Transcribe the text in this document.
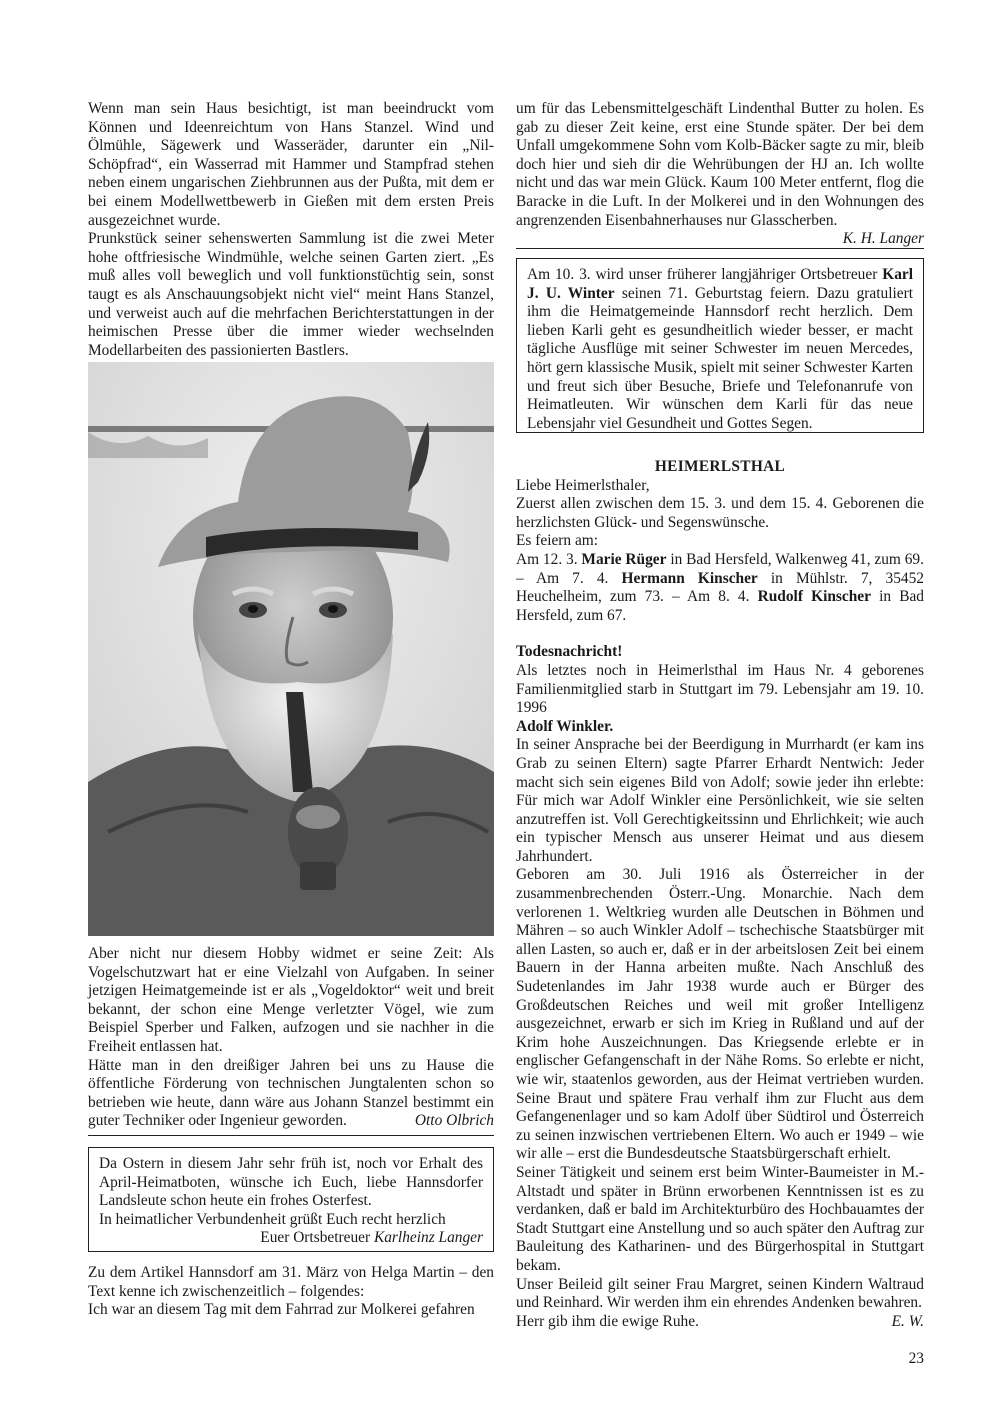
Wenn man sein Haus besichtigt, ist man beeindruckt vom Können und Ideenreichtum von Hans Stanzel. Wind und Ölmühle, Sägewerk und Wasseräder, darunter ein „Nil-Schöpfrad“, ein Wasserrad mit Hammer und Stampfrad stehen neben einem ungarischen Ziehbrunnen aus der Pußta, mit dem er bei einem Modellwettbewerb in Gießen mit dem ersten Preis ausgezeichnet wurde.

Prunkstück seiner sehenswerten Sammlung ist die zwei Meter hohe oftfriesische Windmühle, welche seinen Garten ziert. „Es muß alles voll beweglich und voll funktionstüchtig sein, sonst taugt es als Anschauungsobjekt nicht viel“ meint Hans Stanzel, und verweist auch auf die mehrfachen Berichterstattungen in der heimischen Presse über die immer wieder wechselnden Modellarbeiten des passionierten Bastlers.

Aber nicht nur diesem Hobby widmet er seine Zeit: Als Vogelschutzwart hat er eine Vielzahl von Aufgaben. In seiner jetzigen Heimatgemeinde ist er als „Vogeldoktor“ weit und breit bekannt, der schon eine Menge verletzter Vögel, wie zum Beispiel Sperber und Falken, aufzogen und sie nachher in die Freiheit entlassen hat.

Hätte man in den dreißiger Jahren bei uns zu Hause die öffentliche Förderung von technischen Jungtalenten schon so betrieben wie heute, dann wäre aus Johann Stanzel bestimmt ein guter Techniker oder Ingenieur geworden.	Otto Olbrich

Da Ostern in diesem Jahr sehr früh ist, noch vor Erhalt des April-Heimatboten, wünsche ich Euch, liebe Hannsdorfer Landsleute schon heute ein frohes Osterfest.

In heimatlicher Verbundenheit grüßt Euch recht herzlich

Euer Ortsbetreuer Karlheinz Langer

Zu dem Artikel Hannsdorf am 31. März von Helga Martin – den Text kenne ich zwischenzeitlich – folgendes:

Ich war an diesem Tag mit dem Fahrrad zur Molkerei gefahren

um für das Lebensmittelgeschäft Lindenthal Butter zu holen. Es gab zu dieser Zeit keine, erst eine Stunde später. Der bei dem Unfall umgekommene Sohn vom Kolb-Bäcker sagte zu mir, bleib doch hier und sieh dir die Wehrübungen der HJ an. Ich wollte nicht und das war mein Glück. Kaum 100 Meter entfernt, flog die Baracke in die Luft. In der Molkerei und in den Wohnungen des angrenzenden Eisenbahnerhauses nur Glasscherben.

K. H. Langer

Am 10. 3. wird unser früherer langjähriger Ortsbetreuer Karl J. U. Winter seinen 71. Geburtstag feiern. Dazu gratuliert ihm die Heimatgemeinde Hannsdorf recht herzlich. Dem lieben Karli geht es gesundheitlich wieder besser, er macht tägliche Ausflüge mit seiner Schwester im neuen Mercedes, hört gern klassische Musik, spielt mit seiner Schwester Karten und freut sich über Besuche, Briefe und Telefonanrufe von Heimatleuten. Wir wünschen dem Karli für das neue Lebensjahr viel Gesundheit und Gottes Segen.

HEIMERLSTHAL

Liebe Heimerlsthaler,

Zuerst allen zwischen dem 15. 3. und dem 15. 4. Geborenen die herzlichsten Glück- und Segenswünsche.

Es feiern am:

Am 12. 3. Marie Rüger in Bad Hersfeld, Walkenweg 41, zum 69. – Am 7. 4. Hermann Kinscher in Mühlstr. 7, 35452 Heuchelheim, zum 73. – Am 8. 4. Rudolf Kinscher in Bad Hersfeld, zum 67.

Todesnachricht!

Als letztes noch in Heimerlsthal im Haus Nr. 4 geborenes Familienmitglied starb in Stuttgart im 79. Lebensjahr am 19. 10. 1996
Adolf Winkler.

In seiner Ansprache bei der Beerdigung in Murrhardt (er kam ins Grab zu seinen Eltern) sagte Pfarrer Erhardt Nentwich: Jeder macht sich sein eigenes Bild von Adolf; sowie jeder ihn erlebte: Für mich war Adolf Winkler eine Persönlichkeit, wie sie selten anzutreffen ist. Voll Gerechtigkeitssinn und Ehrlichkeit; wie auch ein typischer Mensch aus unserer Heimat und aus diesem Jahrhundert.

Geboren am 30. Juli 1916 als Österreicher in der zusammenbrechenden Österr.-Ung. Monarchie. Nach dem verlorenen 1. Weltkrieg wurden alle Deutschen in Böhmen und Mähren – so auch Winkler Adolf – tschechische Staatsbürger mit allen Lasten, so auch er, daß er in der arbeitslosen Zeit bei einem Bauern in der Hanna arbeiten mußte. Nach Anschluß des Sudetenlandes im Jahr 1938 wurde auch er Bürger des Großdeutschen Reiches und weil mit großer Intelligenz ausgezeichnet, erwarb er sich im Krieg in Rußland und auf der Krim hohe Auszeichnungen. Das Kriegsende erlebte er in englischer Gefangenschaft in der Nähe Roms. So erlebte er nicht, wie wir, staatenlos geworden, aus der Heimat vertrieben wurden. Seine Braut und spätere Frau verhalf ihm zur Flucht aus dem Gefangenenlager und so kam Adolf über Südtirol und Österreich zu seinen inzwischen vertriebenen Eltern. Wo auch er 1949 – wie wir alle – erst die Bundesdeutsche Staatsbürgerschaft erhielt.

Seiner Tätigkeit und seinem erst beim Winter-Baumeister in M.-Altstadt und später in Brünn erworbenen Kenntnissen ist es zu verdanken, daß er bald im Architekturbüro des Hochbauamtes der Stadt Stuttgart eine Anstellung und so auch später den Auftrag zur Bauleitung des Katharinen- und des Bürgerhospital in Stuttgart bekam.

Unser Beileid gilt seiner Frau Margret, seinen Kindern Waltraud und Reinhard. Wir werden ihm ein ehrendes Andenken bewahren.

Herr gib ihm die ewige Ruhe.	E. W.

23
